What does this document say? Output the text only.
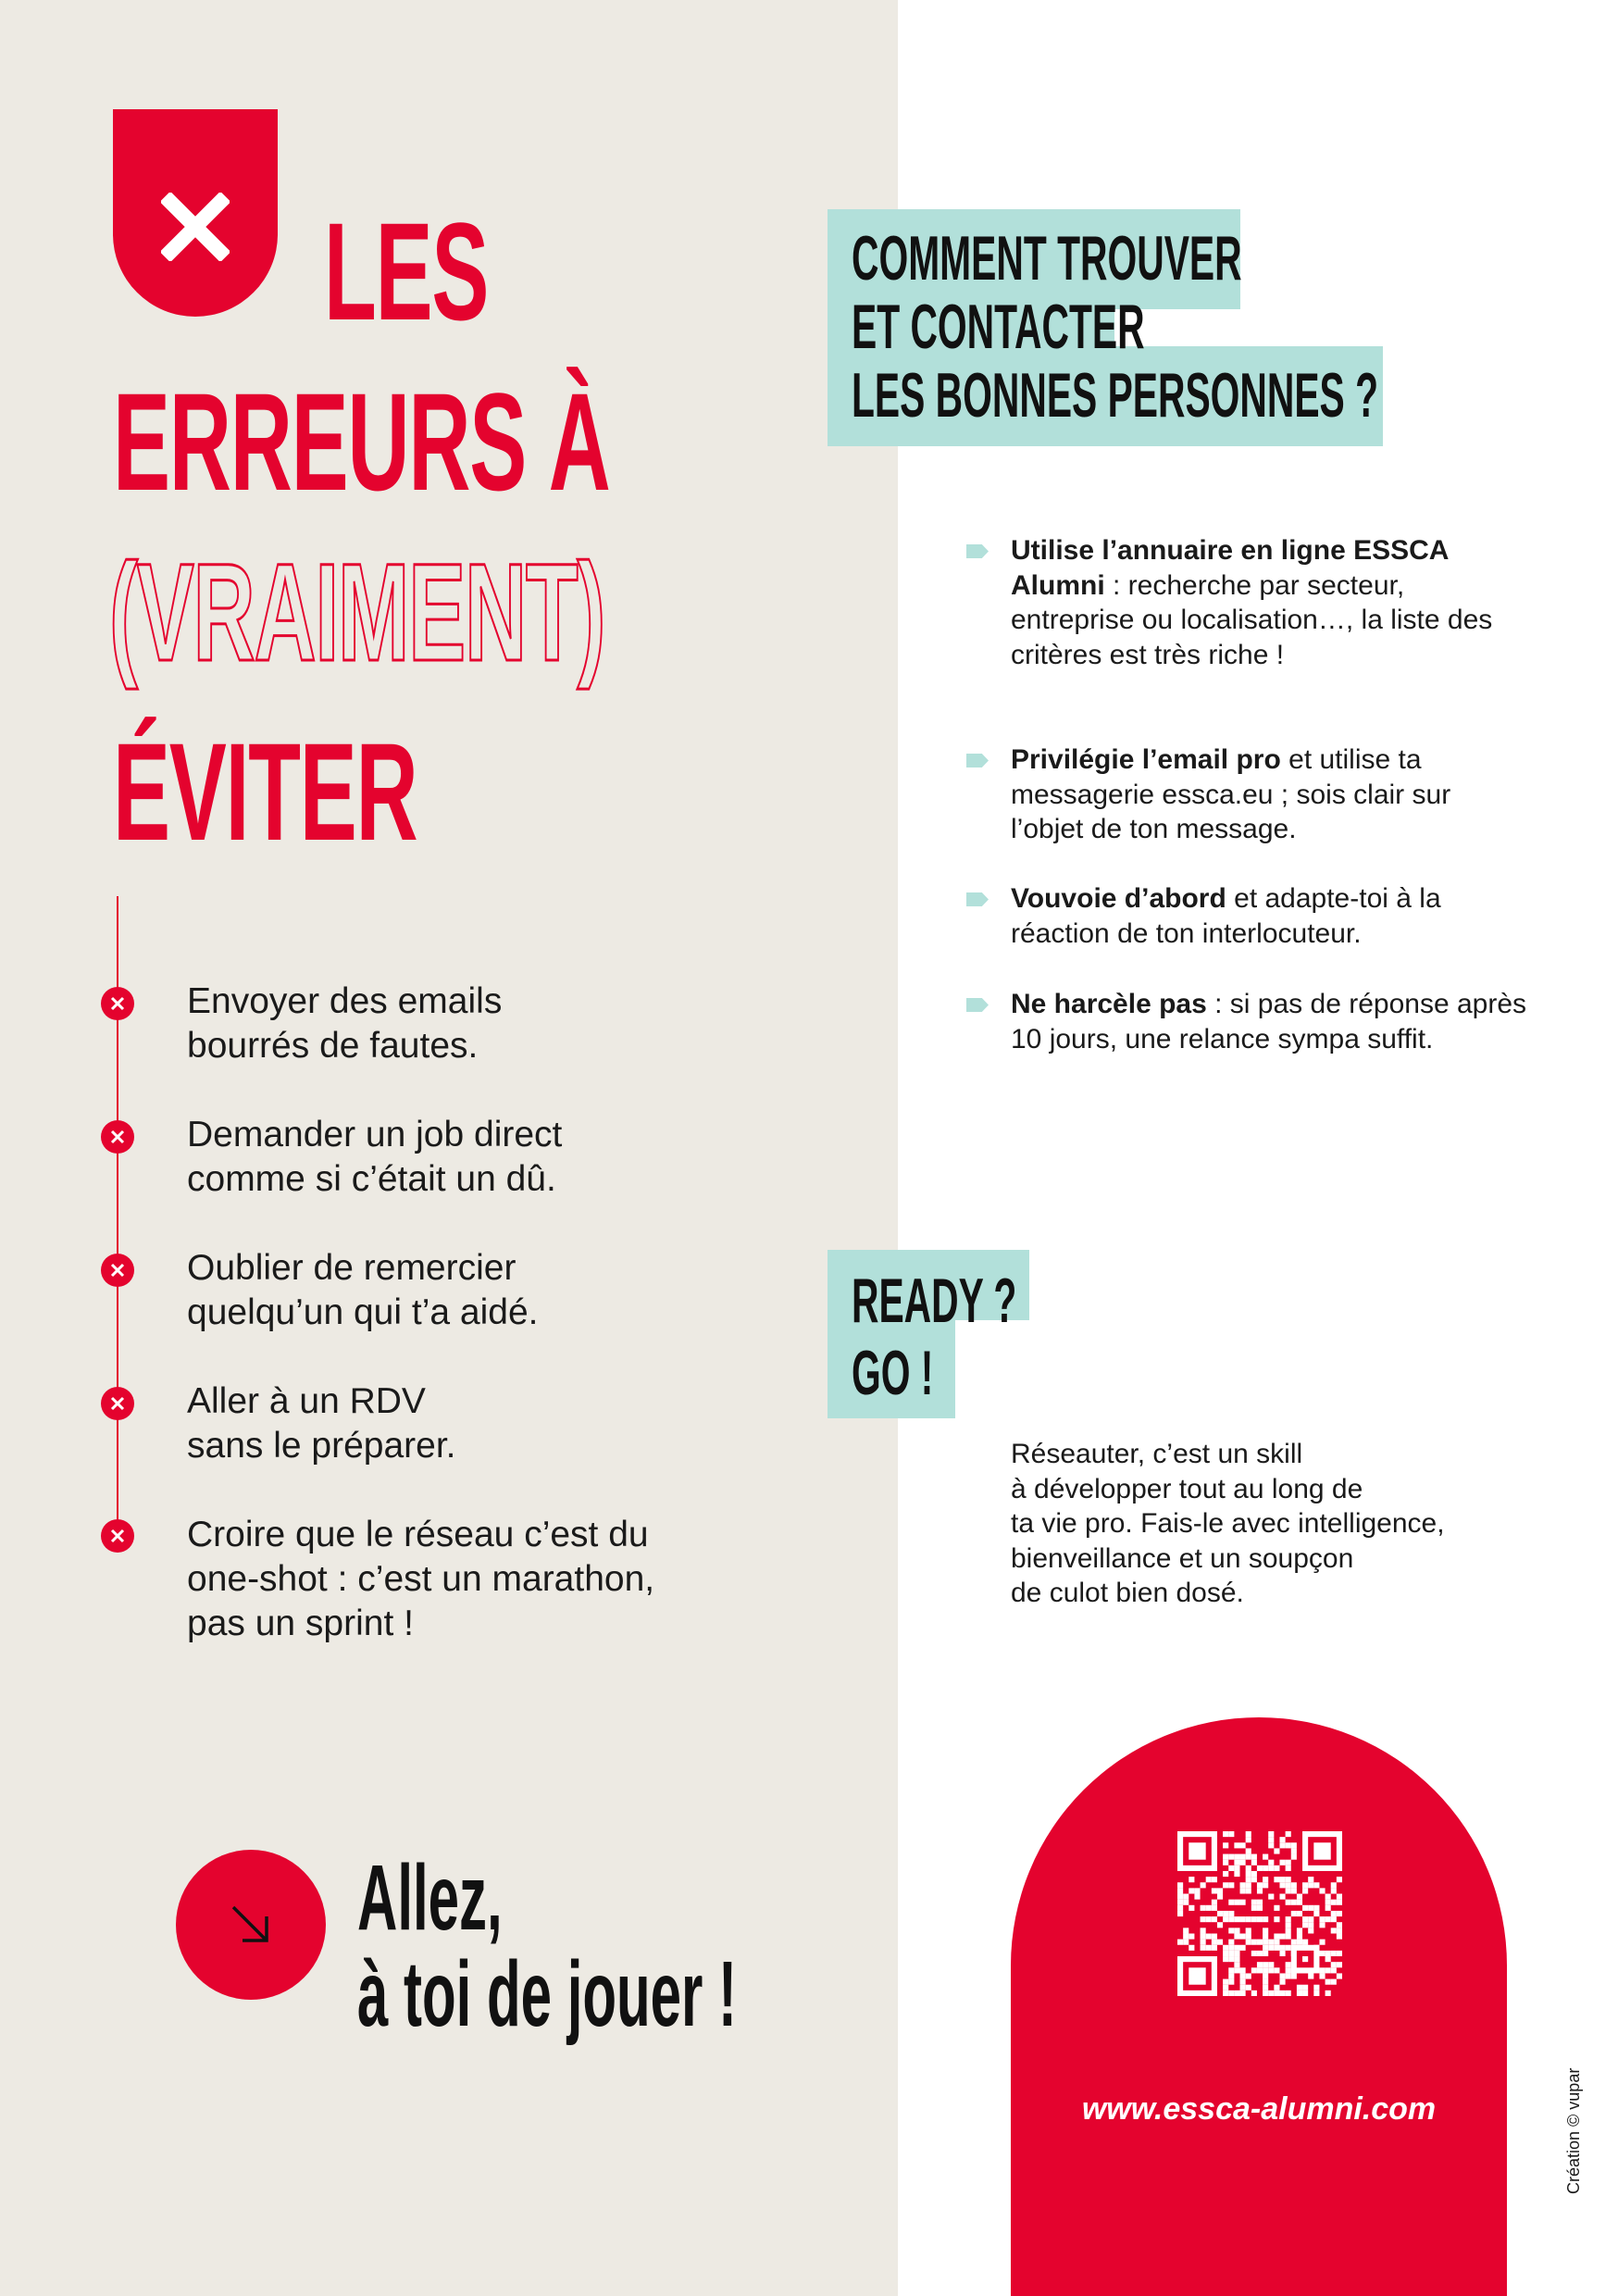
LES
ERREURS À
(VRAIMENT)
ÉVITER
Envoyer des emails
bourrés de fautes.
Demander un job direct
comme si c’était un dû.
Oublier de remercier
quelqu’un qui t’a aidé.
Aller à un RDV
sans le préparer.
Croire que le réseau c’est du
one-shot : c’est un marathon,
pas un sprint !
Allez,
à toi de jouer !
COMMENT TROUVER
ET CONTACTER
LES BONNES PERSONNES ?
Utilise l’annuaire en ligne ESSCA Alumni : recherche par secteur, entreprise ou localisation…, la liste des critères est très riche !
Privilégie l’email pro et utilise ta messagerie essca.eu ; sois clair sur l’objet de ton message.
Vouvoie d’abord et adapte-toi à la réaction de ton interlocuteur.
Ne harcèle pas : si pas de réponse après 10 jours, une relance sympa suffit.
READY ?
GO !
Réseauter, c’est un skill
à développer tout au long de
ta vie pro. Fais-le avec intelligence,
bienveillance et un soupçon
de culot bien dosé.
www.essca-alumni.com	Création © vupar
